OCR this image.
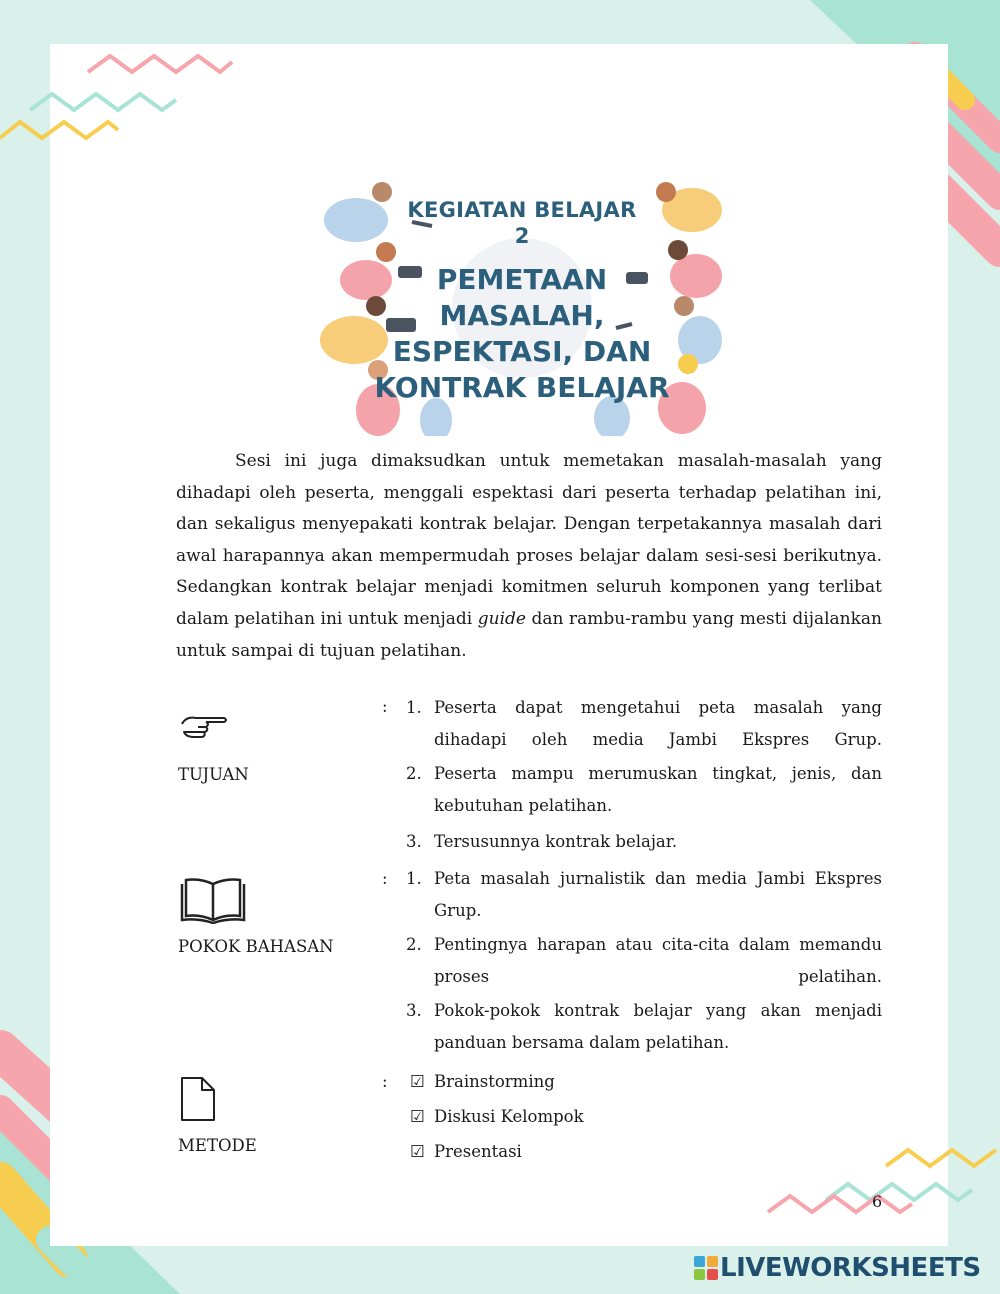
KEGIATAN BELAJAR
2
PEMETAAN
MASALAH,
ESPEKTASI, DAN
KONTRAK BELAJAR

Sesi ini juga dimaksudkan untuk memetakan masalah-masalah yang dihadapi oleh peserta, menggali espektasi dari peserta terhadap pelatihan ini, dan sekaligus menyepakati kontrak belajar. Dengan terpetakannya masalah dari awal harapannya akan mempermudah proses belajar dalam sesi-sesi berikutnya. Sedangkan kontrak belajar menjadi komitmen seluruh komponen yang terlibat dalam pelatihan ini untuk menjadi guide dan rambu-rambu yang mesti dijalankan untuk sampai di tujuan pelatihan.

TUJUAN
: 1. Peserta dapat mengetahui peta masalah yang dihadapi oleh media Jambi Ekspres Grup.
2. Peserta mampu merumuskan tingkat, jenis, dan kebutuhan pelatihan.
3. Tersusunnya kontrak belajar.
POKOK BAHASAN
: 1. Peta masalah jurnalistik dan media Jambi Ekspres Grup.
2. Pentingnya harapan atau cita-cita dalam memandu proses pelatihan.
3. Pokok-pokok kontrak belajar yang akan menjadi panduan bersama dalam pelatihan.
METODE
: ☑ Brainstorming
☑ Diskusi Kelompok
☑ Presentasi
6
LIVEWORKSHEETS
